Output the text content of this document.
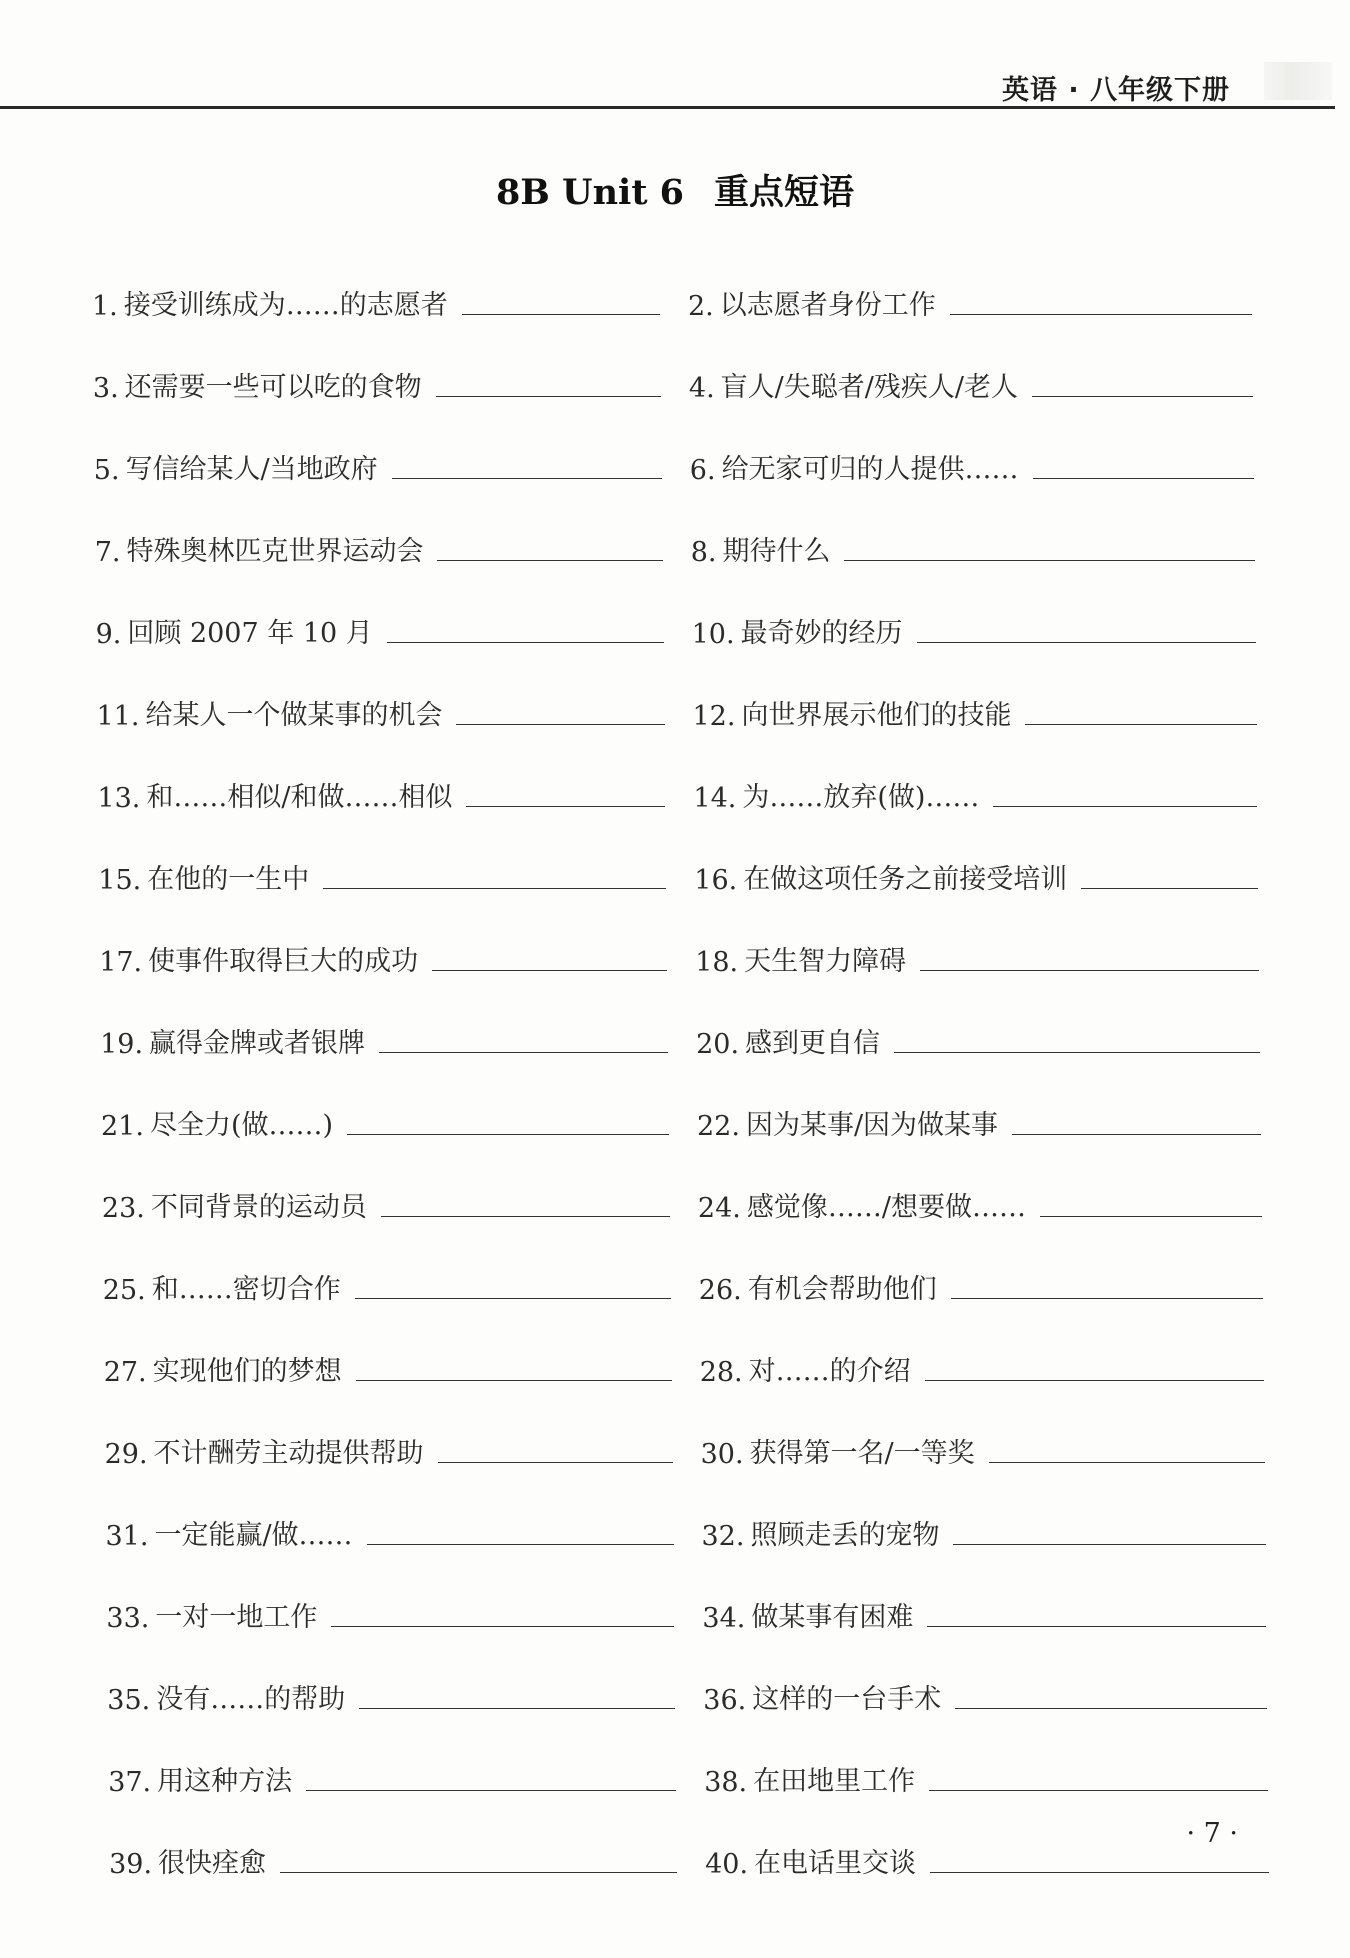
英语 · 八年级下册
8B Unit 6 重点短语
1. 接受训练成为……的志愿者	2. 以志愿者身份工作
3. 还需要一些可以吃的食物	4. 盲人/失聪者/残疾人/老人
5. 写信给某人/当地政府	6. 给无家可归的人提供……
7. 特殊奥林匹克世界运动会	8. 期待什么
9. 回顾 2007 年 10 月	10. 最奇妙的经历
11. 给某人一个做某事的机会	12. 向世界展示他们的技能
13. 和……相似/和做……相似	14. 为……放弃(做)……
15. 在他的一生中	16. 在做这项任务之前接受培训
17. 使事件取得巨大的成功	18. 天生智力障碍
19. 赢得金牌或者银牌	20. 感到更自信
21. 尽全力(做……)	22. 因为某事/因为做某事
23. 不同背景的运动员	24. 感觉像……/想要做……
25. 和……密切合作	26. 有机会帮助他们
27. 实现他们的梦想	28. 对……的介绍
29. 不计酬劳主动提供帮助	30. 获得第一名/一等奖
31. 一定能赢/做……	32. 照顾走丢的宠物
33. 一对一地工作	34. 做某事有困难
35. 没有……的帮助	36. 这样的一台手术
37. 用这种方法	38. 在田地里工作
39. 很快痊愈	40. 在电话里交谈
· 7 ·
